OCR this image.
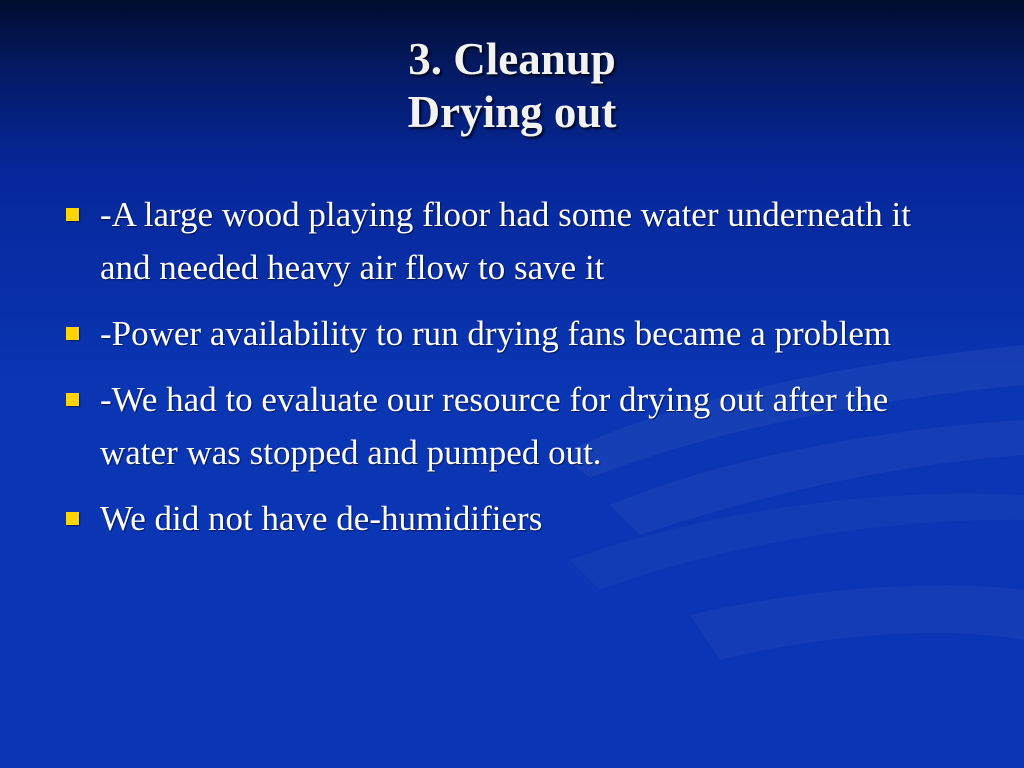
3. Cleanup
Drying out
-A large wood playing floor had some water underneath it and needed heavy air flow to save it
-Power availability to run drying fans became a problem
-We had to evaluate our resource for drying out after the water was stopped and pumped out.
We did not have de-humidifiers
